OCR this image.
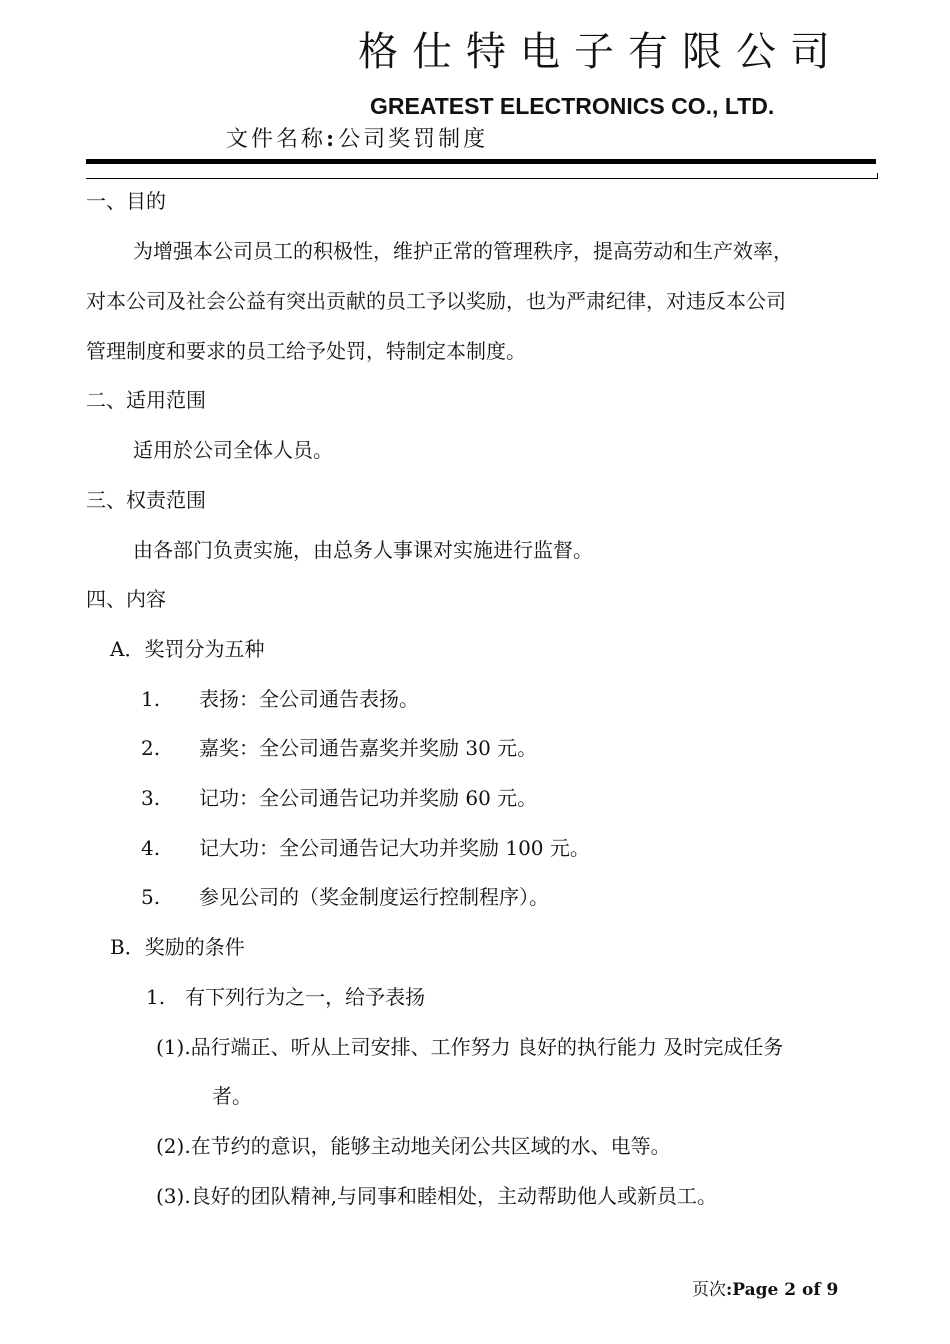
格仕特电子有限公司
GREATEST ELECTRONICS CO., LTD.
文件名称: 公司奖罚制度
一、目的
为增强本公司员工的积极性，维护正常的管理秩序，提高劳动和生产效率，
对本公司及社会公益有突出贡献的员工予以奖励，也为严肃纪律，对违反本公司
管理制度和要求的员工给予处罚，特制定本制度。
二、适用范围
适用於公司全体人员。
三、权责范围
由各部门负责实施，由总务人事课对实施进行监督。
四、内容
A．奖罚分为五种
1. 表扬：全公司通告表扬。
2. 嘉奖：全公司通告嘉奖并奖励 30 元。
3. 记功：全公司通告记功并奖励 60 元。
4. 记大功：全公司通告记大功并奖励 100 元。
5. 参见公司的（奖金制度运行控制程序）。
B．奖励的条件
1.　有下列行为之一，给予表扬
(1).品行端正、听从上司安排、工作努力 良好的执行能力 及时完成任务
者。
(2).在节约的意识，能够主动地关闭公共区域的水、电等。
(3).良好的团队精神,与同事和睦相处，主动帮助他人或新员工。
页次:Page 2 of 9
